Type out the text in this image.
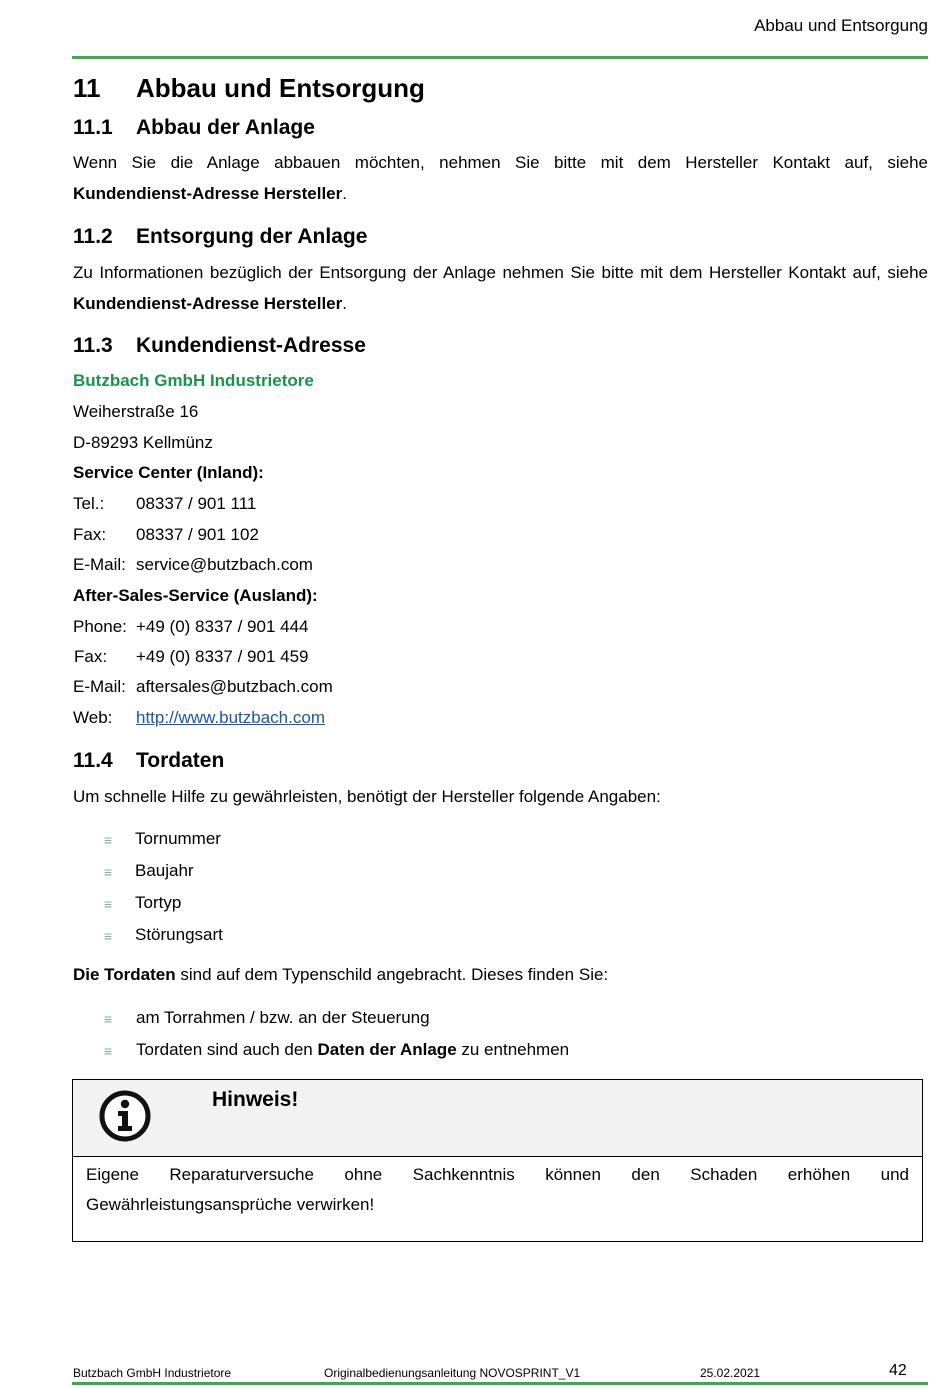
Abbau und Entsorgung
11 Abbau und Entsorgung
11.1 Abbau der Anlage
Wenn Sie die Anlage abbauen möchten, nehmen Sie bitte mit dem Hersteller Kontakt auf, siehe
Kundendienst-Adresse Hersteller.
11.2 Entsorgung der Anlage
Zu Informationen bezüglich der Entsorgung der Anlage nehmen Sie bitte mit dem Hersteller Kontakt auf, siehe
Kundendienst-Adresse Hersteller.
11.3 Kundendienst-Adresse
Butzbach GmbH Industrietore
Weiherstraße 16
D-89293 Kellmünz
Service Center (Inland):
Tel.: 08337 / 901 111
Fax: 08337 / 901 102
E-Mail: service@butzbach.com
After-Sales-Service (Ausland):
Phone: +49 (0) 8337 / 901 444
Fax: +49 (0) 8337 / 901 459
E-Mail: aftersales@butzbach.com
Web: http://www.butzbach.com
11.4 Tordaten
Um schnelle Hilfe zu gewährleisten, benötigt der Hersteller folgende Angaben:
≡ Tornummer
≡ Baujahr
≡ Tortyp
≡ Störungsart
Die Tordaten sind auf dem Typenschild angebracht. Dieses finden Sie:
≡ am Torrahmen / bzw. an der Steuerung
≡ Tordaten sind auch den Daten der Anlage zu entnehmen
Hinweis!
Eigene Reparaturversuche ohne Sachkenntnis können den Schaden erhöhen und
Gewährleistungsansprüche verwirken!
Butzbach GmbH Industrietore	Originalbedienungsanleitung NOVOSPRINT_V1	25.02.2021	42
